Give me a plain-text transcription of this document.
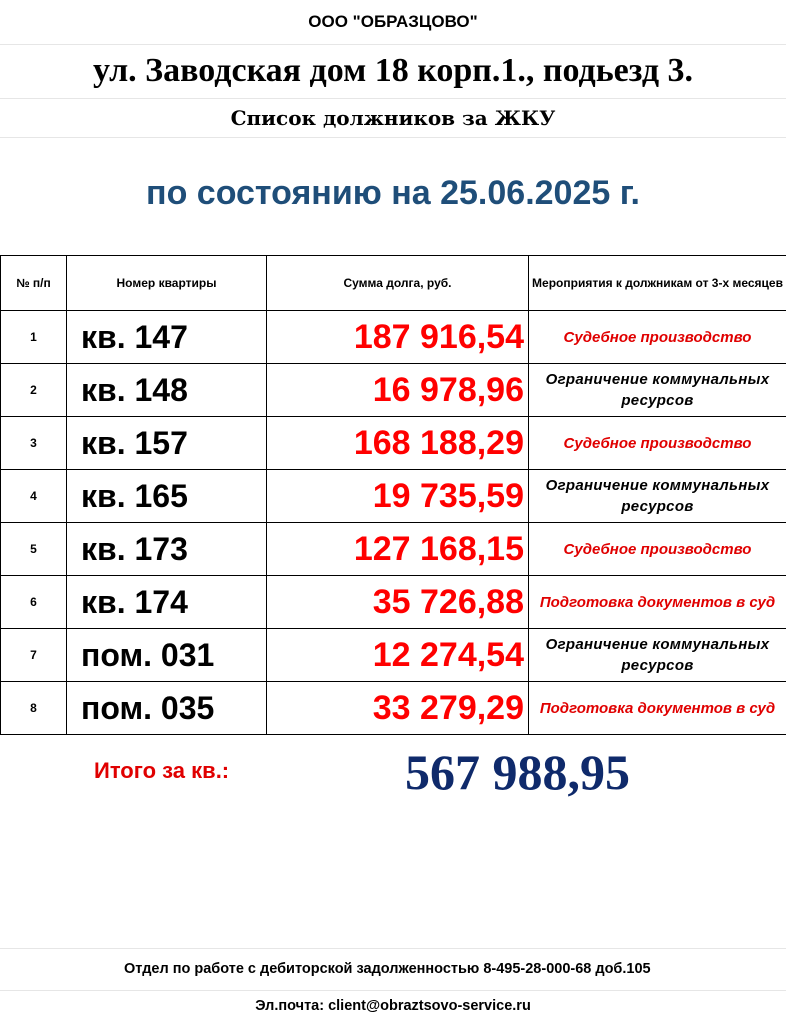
ООО "ОБРАЗЦОВО"
ул. Заводская дом 18 корп.1., подьезд 3.
Список должников за ЖКУ
по состоянию на 25.06.2025 г.
№ п/п	Номер квартиры	Сумма долга, руб.	Мероприятия к должникам от 3-х месяцев
1	кв. 147	187 916,54	Судебное производство
2	кв. 148	16 978,96	Ограничение коммунальных ресурсов
3	кв. 157	168 188,29	Судебное производство
4	кв. 165	19 735,59	Ограничение коммунальных ресурсов
5	кв. 173	127 168,15	Судебное производство
6	кв. 174	35 726,88	Подготовка документов в суд
7	пом. 031	12 274,54	Ограничение коммунальных ресурсов
8	пом. 035	33 279,29	Подготовка документов в суд
Итого за кв.:	567 988,95
Отдел по работе с дебиторской задолженностью 8-495-28-000-68 доб.105
Эл.почта: client@obraztsovo-service.ru
